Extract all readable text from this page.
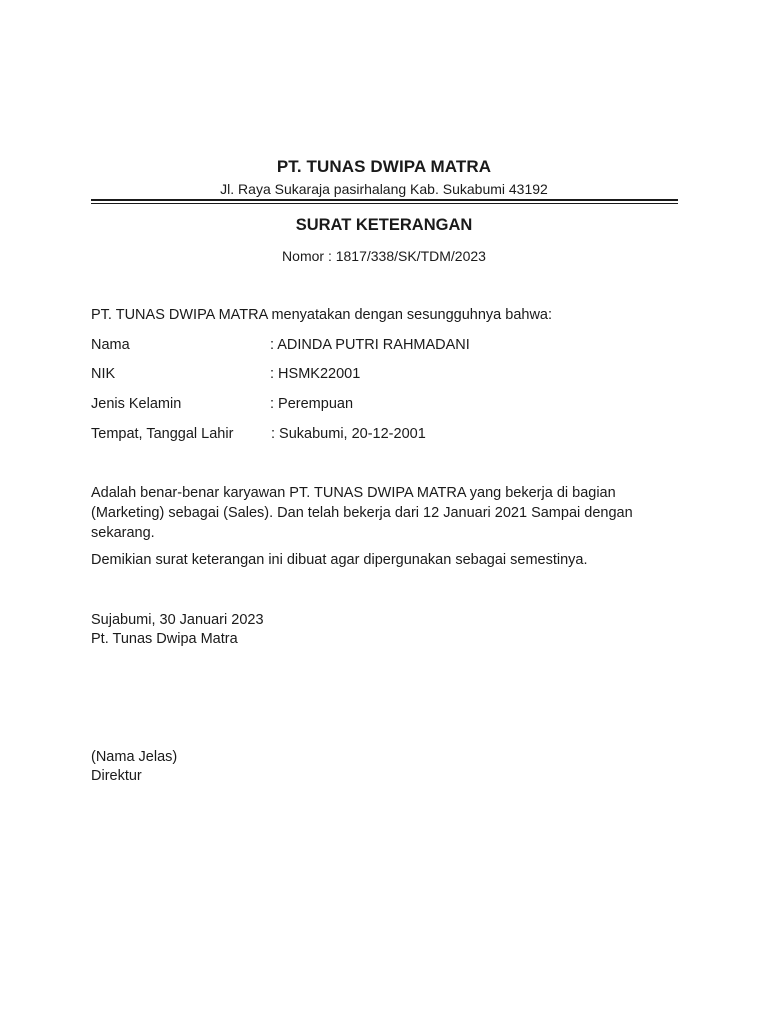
PT. TUNAS DWIPA MATRA
Jl. Raya Sukaraja pasirhalang Kab. Sukabumi 43192
SURAT KETERANGAN
Nomor : 1817/338/SK/TDM/2023
PT. TUNAS DWIPA MATRA menyatakan dengan sesungguhnya bahwa:
Nama	: ADINDA PUTRI RAHMADANI
NIK	: HSMK22001
Jenis Kelamin	: Perempuan
Tempat, Tanggal Lahir	: Sukabumi, 20-12-2001
Adalah benar-benar karyawan PT. TUNAS DWIPA MATRA yang bekerja di bagian (Marketing) sebagai (Sales). Dan telah bekerja dari 12 Januari 2021 Sampai dengan sekarang.
Demikian surat keterangan ini dibuat agar dipergunakan sebagai semestinya.
Sujabumi, 30 Januari 2023
Pt. Tunas Dwipa Matra
(Nama Jelas)
Direktur
